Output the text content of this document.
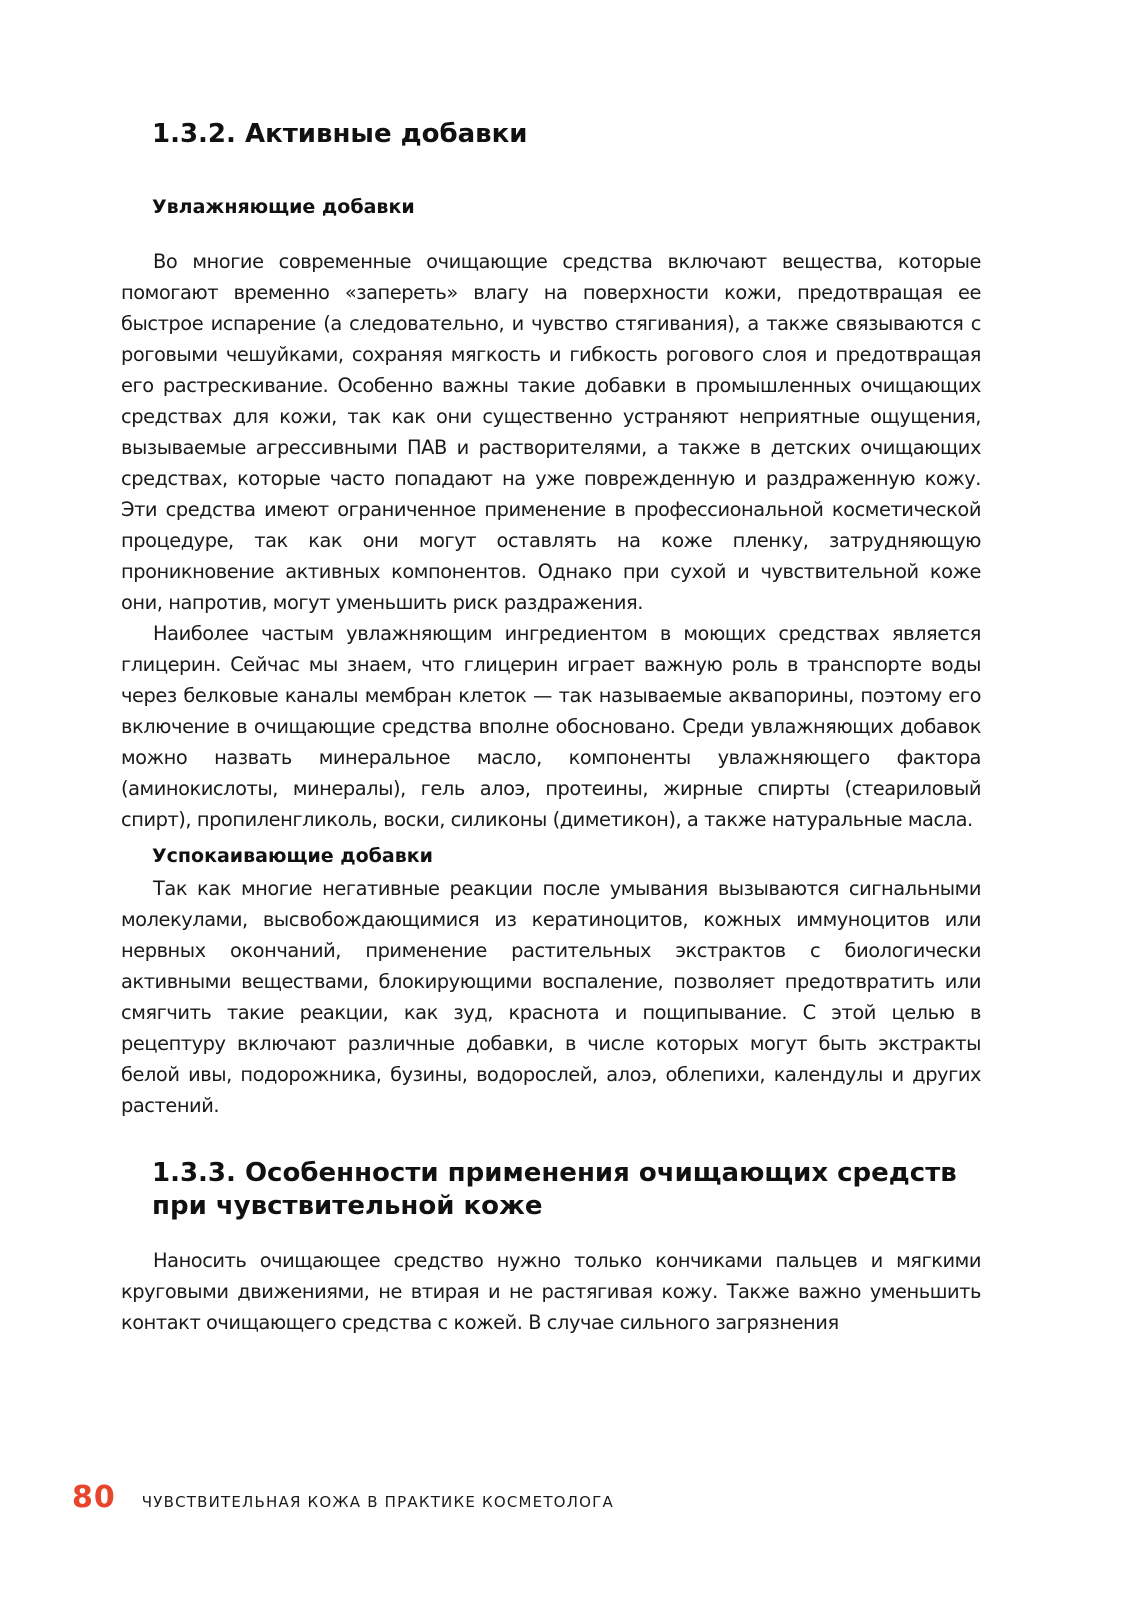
1.3.2. Активные добавки
Увлажняющие добавки

Во многие современные очищающие средства включают вещества, которые помогают временно «запереть» влагу на поверхности кожи, предотвращая ее быстрое испарение (а следовательно, и чувство стягивания), а также связываются с роговыми чешуйками, сохраняя мягкость и гибкость рогового слоя и предотвращая его растрескивание. Особенно важны такие добавки в промышленных очищающих средствах для кожи, так как они существенно устраняют неприятные ощущения, вызываемые агрессивными ПАВ и растворителями, а также в детских очищающих средствах, которые часто попадают на уже поврежденную и раздраженную кожу. Эти средства имеют ограниченное применение в профессиональной косметической процедуре, так как они могут оставлять на коже пленку, затрудняющую проникновение активных компонентов. Однако при сухой и чувствительной коже они, напротив, могут уменьшить риск раздражения.

Наиболее частым увлажняющим ингредиентом в моющих средствах является глицерин. Сейчас мы знаем, что глицерин играет важную роль в транспорте воды через белковые каналы мембран клеток — так называемые аквапорины, поэтому его включение в очищающие средства вполне обосновано. Среди увлажняющих добавок можно назвать минеральное масло, компоненты увлажняющего фактора (аминокислоты, минералы), гель алоэ, протеины, жирные спирты (стеариловый спирт), пропиленгликоль, воски, силиконы (диметикон), а также натуральные масла.

Успокаивающие добавки

Так как многие негативные реакции после умывания вызываются сигнальными молекулами, высвобождающимися из кератиноцитов, кожных иммуноцитов или нервных окончаний, применение растительных экстрактов с биологически активными веществами, блокирующими воспаление, позволяет предотвратить или смягчить такие реакции, как зуд, краснота и пощипывание. С этой целью в рецептуру включают различные добавки, в числе которых могут быть экстракты белой ивы, подорожника, бузины, водорослей, алоэ, облепихи, календулы и других растений.

1.3.3. Особенности применения очищающих средств
при чувствительной коже

Наносить очищающее средство нужно только кончиками пальцев и мягкими круговыми движениями, не втирая и не растягивая кожу. Также важно уменьшить контакт очищающего средства с кожей. В случае сильного загрязнения

80 ЧУВСТВИТЕЛЬНАЯ КОЖА В ПРАКТИКЕ КОСМЕТОЛОГА
